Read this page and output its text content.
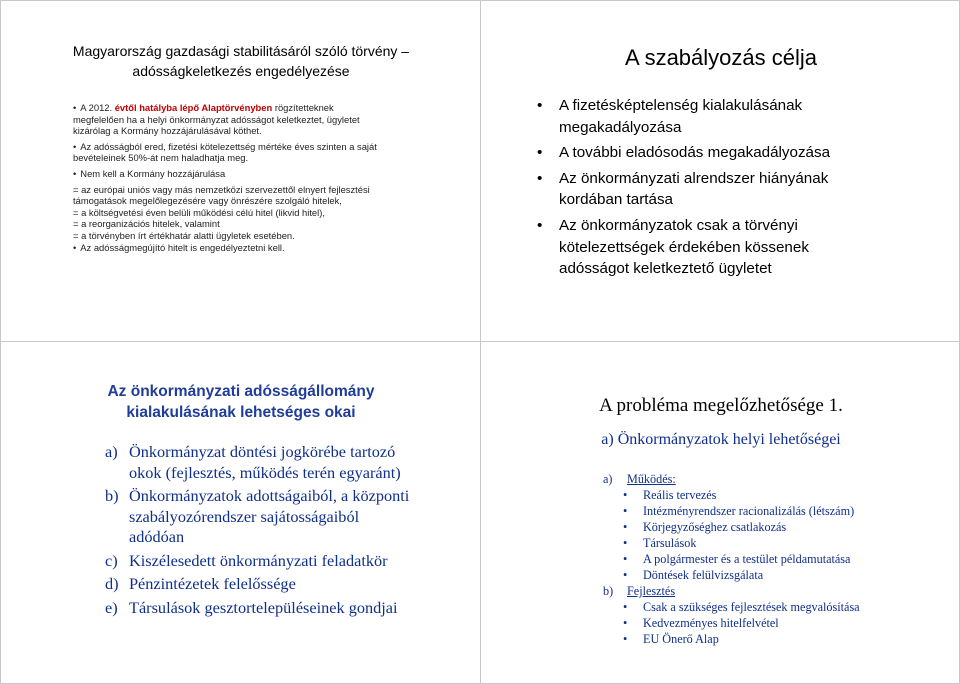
Magyarország gazdasági stabilitásáról szóló törvény –
adósságkeletkezés engedélyezése

• A 2012. évtől hatályba lépő Alaptörvényben rögzítetteknek

megfelelően ha a helyi önkormányzat adósságot keletkeztet, ügyletet

kizárólag a Kormány hozzájárulásával köthet.

• Az adósságból ered, fizetési kötelezettség mértéke éves szinten a saját

bevételeinek 50%-át nem haladhatja meg.

• Nem kell a Kormány hozzájárulása

= az európai uniós vagy más nemzetközi szervezettől elnyert fejlesztési

támogatások megelőlegezésére vagy önrészére szolgáló hitelek,

= a költségvetési éven belüli működési célú hitel (likvid hitel),

= a reorganizációs hitelek, valamint

= a törvényben írt értékhatár alatti ügyletek esetében.

• Az adósságmegújító hitelt is engedélyeztetni kell.

A szabályozás célja
• A fizetésképtelenség kialakulásának
megakadályozása
• A további eladósodás megakadályozása
• Az önkormányzati alrendszer hiányának
kordában tartása
• Az önkormányzatok csak a törvényi
kötelezettségek érdekében kössenek
adósságot keletkeztető ügyletet
Az önkormányzati adósságállomány
kialakulásának lehetséges okai
a) Önkormányzat döntési jogkörébe tartozó
okok (fejlesztés, működés terén egyaránt)
b) Önkormányzatok adottságaiból, a központi
szabályozórendszer sajátosságaiból
adódóan
c) Kiszélesedett önkormányzati feladatkör
d) Pénzintézetek felelőssége
e) Társulások gesztortelepüléseinek gondjai
A probléma megelőzhetősége 1.
a) Önkormányzatok helyi lehetőségei
a) Működés:
• Reális tervezés
• Intézményrendszer racionalizálás (létszám)
• Körjegyzőséghez csatlakozás
• Társulások
• A polgármester és a testület példamutatása
• Döntések felülvizsgálata
b) Fejlesztés
• Csak a szükséges fejlesztések megvalósítása
• Kedvezményes hitelfelvétel
• EU Önerő Alap
